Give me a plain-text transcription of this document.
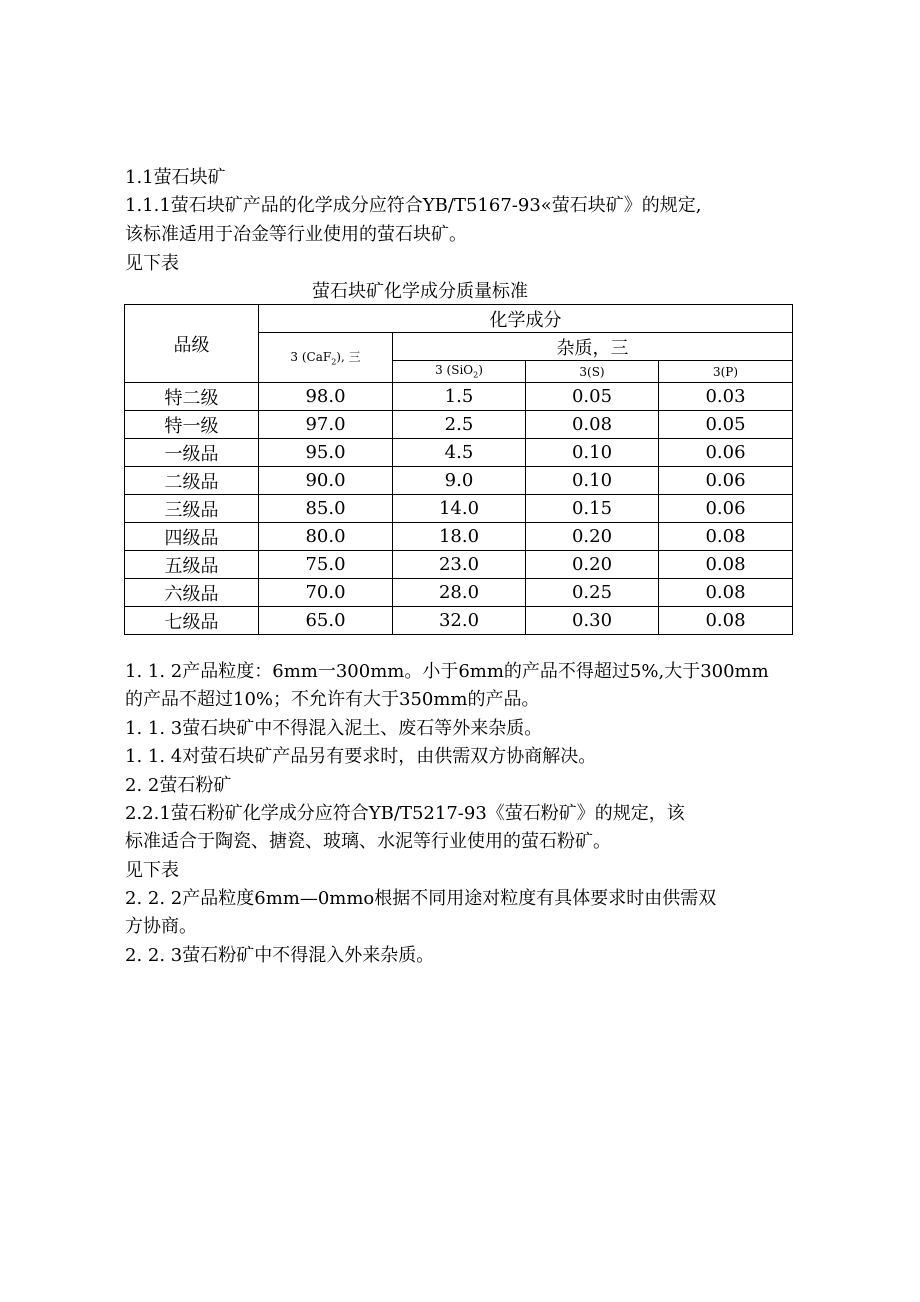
1.1萤石块矿
1.1.1萤石块矿产品的化学成分应符合YB/T5167-93«萤石块矿》的规定,
该标准适用于冶金等行业使用的萤石块矿。
见下表
萤石块矿化学成分质量标准
品级	化学成分			
	3 (CaF$_2$), 三	杂质，三		
		3 (SiO$_2$)	3(S)	3(P)
特二级	98.0	1.5	0.05	0.03
特一级	97.0	2.5	0.08	0.05
一级品	95.0	4.5	0.10	0.06
二级品	90.0	9.0	0.10	0.06
三级品	85.0	14.0	0.15	0.06
四级品	80.0	18.0	0.20	0.08
五级品	75.0	23.0	0.20	0.08
六级品	70.0	28.0	0.25	0.08
七级品	65.0	32.0	0.30	0.08
1. 1. 2产品粒度：6mm一300mm。小于6mm的产品不得超过5%,大于300mm
的产品不超过10%；不允许有大于350mm的产品。
1. 1. 3萤石块矿中不得混入泥土、废石等外来杂质。
1. 1. 4对萤石块矿产品另有要求时，由供需双方协商解决。
2. 2萤石粉矿
2.2.1萤石粉矿化学成分应符合YB/T5217-93《萤石粉矿》的规定，该
标准适合于陶瓷、搪瓷、玻璃、水泥等行业使用的萤石粉矿。
见下表
2. 2. 2产品粒度6mm—0mmo根据不同用途对粒度有具体要求时由供需双
方协商。
2. 2. 3萤石粉矿中不得混入外来杂质。
